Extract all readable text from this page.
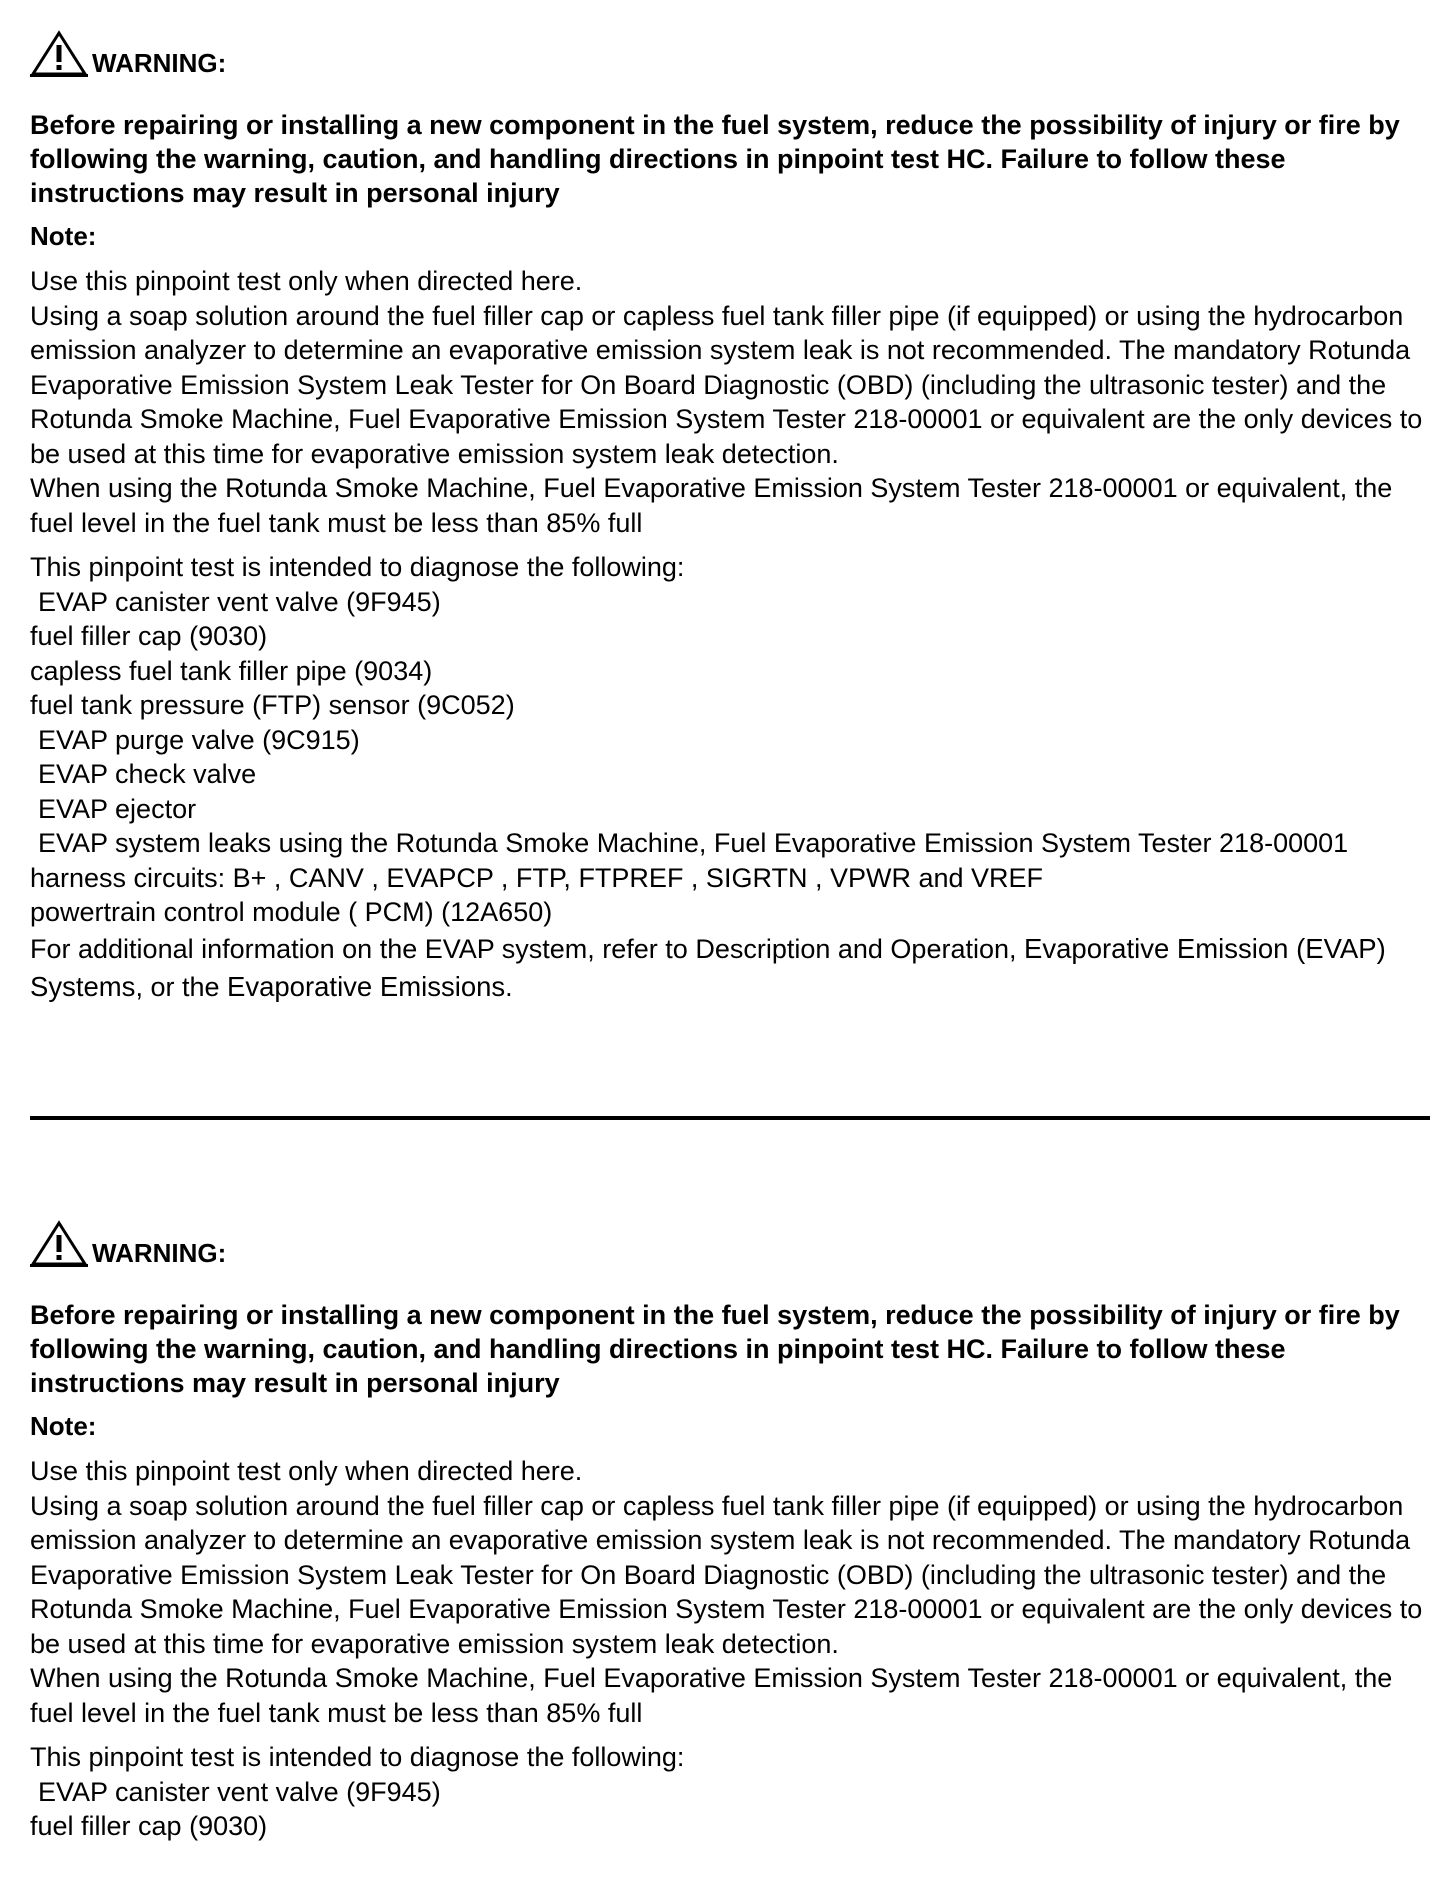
WARNING:
Before repairing or installing a new component in the fuel system, reduce the possibility of injury or fire by following the warning, caution, and handling directions in pinpoint test HC. Failure to follow these instructions may result in personal injury
Note:
Use this pinpoint test only when directed here.
Using a soap solution around the fuel filler cap or capless fuel tank filler pipe (if equipped) or using the hydrocarbon emission analyzer to determine an evaporative emission system leak is not recommended. The mandatory Rotunda Evaporative Emission System Leak Tester for On Board Diagnostic (OBD) (including the ultrasonic tester) and the Rotunda Smoke Machine, Fuel Evaporative Emission System Tester 218-00001 or equivalent are the only devices to be used at this time for evaporative emission system leak detection.
When using the Rotunda Smoke Machine, Fuel Evaporative Emission System Tester 218-00001 or equivalent, the fuel level in the fuel tank must be less than 85% full
This pinpoint test is intended to diagnose the following:
EVAP canister vent valve (9F945)
fuel filler cap (9030)
capless fuel tank filler pipe (9034)
fuel tank pressure (FTP) sensor (9C052)
EVAP purge valve (9C915)
EVAP check valve
EVAP ejector
EVAP system leaks using the Rotunda Smoke Machine, Fuel Evaporative Emission System Tester 218-00001
harness circuits: B+ , CANV , EVAPCP , FTP, FTPREF , SIGRTN , VPWR and VREF
powertrain control module ( PCM) (12A650)
For additional information on the EVAP system, refer to Description and Operation, Evaporative Emission (EVAP) Systems, or the Evaporative Emissions.
WARNING:
Before repairing or installing a new component in the fuel system, reduce the possibility of injury or fire by following the warning, caution, and handling directions in pinpoint test HC. Failure to follow these instructions may result in personal injury
Note:
Use this pinpoint test only when directed here.
Using a soap solution around the fuel filler cap or capless fuel tank filler pipe (if equipped) or using the hydrocarbon emission analyzer to determine an evaporative emission system leak is not recommended. The mandatory Rotunda Evaporative Emission System Leak Tester for On Board Diagnostic (OBD) (including the ultrasonic tester) and the Rotunda Smoke Machine, Fuel Evaporative Emission System Tester 218-00001 or equivalent are the only devices to be used at this time for evaporative emission system leak detection.
When using the Rotunda Smoke Machine, Fuel Evaporative Emission System Tester 218-00001 or equivalent, the fuel level in the fuel tank must be less than 85% full
This pinpoint test is intended to diagnose the following:
EVAP canister vent valve (9F945)
fuel filler cap (9030)
